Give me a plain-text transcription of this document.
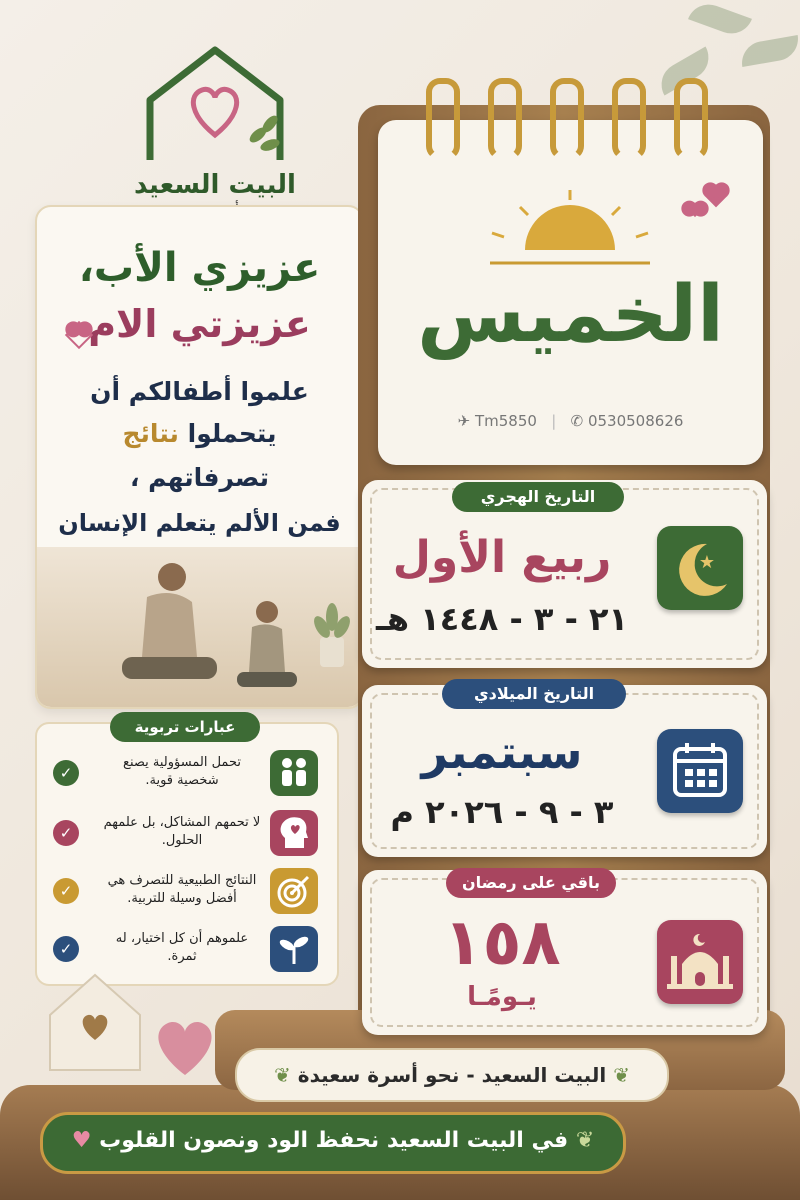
البيت السعيد
عزيزي الأب،
عزيزتي الام
علموا أطفالكم أن
يتحملوا نتائج
تصرفاتهم ،
فمن الألم يتعلم الإنسان
عبارات تربوية
تحمل المسؤولية يصنع شخصية قوية.
✓
لا تحمهم المشاكل، بل علمهم الحلول.
✓
النتائج الطبيعية للتصرف هي أفضل وسيلة للتربية.
✓
علموهم أن كل اختيار، له ثمرة.
✓
الخميس
✈ Tm5850   |   ✆ 0530508626
التاريخ الهجري
★
ربيع الأول
٢١ - ٣ - ١٤٤٨ هـ
التاريخ الميلادي
سبتمبر
٣ - ٩ - ٢٠٢٦ م
باقي على رمضان
١٥٨
يـومًـا
❦ البيت السعيد - نحو أسرة سعيدة ❦
❦ في البيت السعيد نحفظ الود ونصون القلوب ♥
